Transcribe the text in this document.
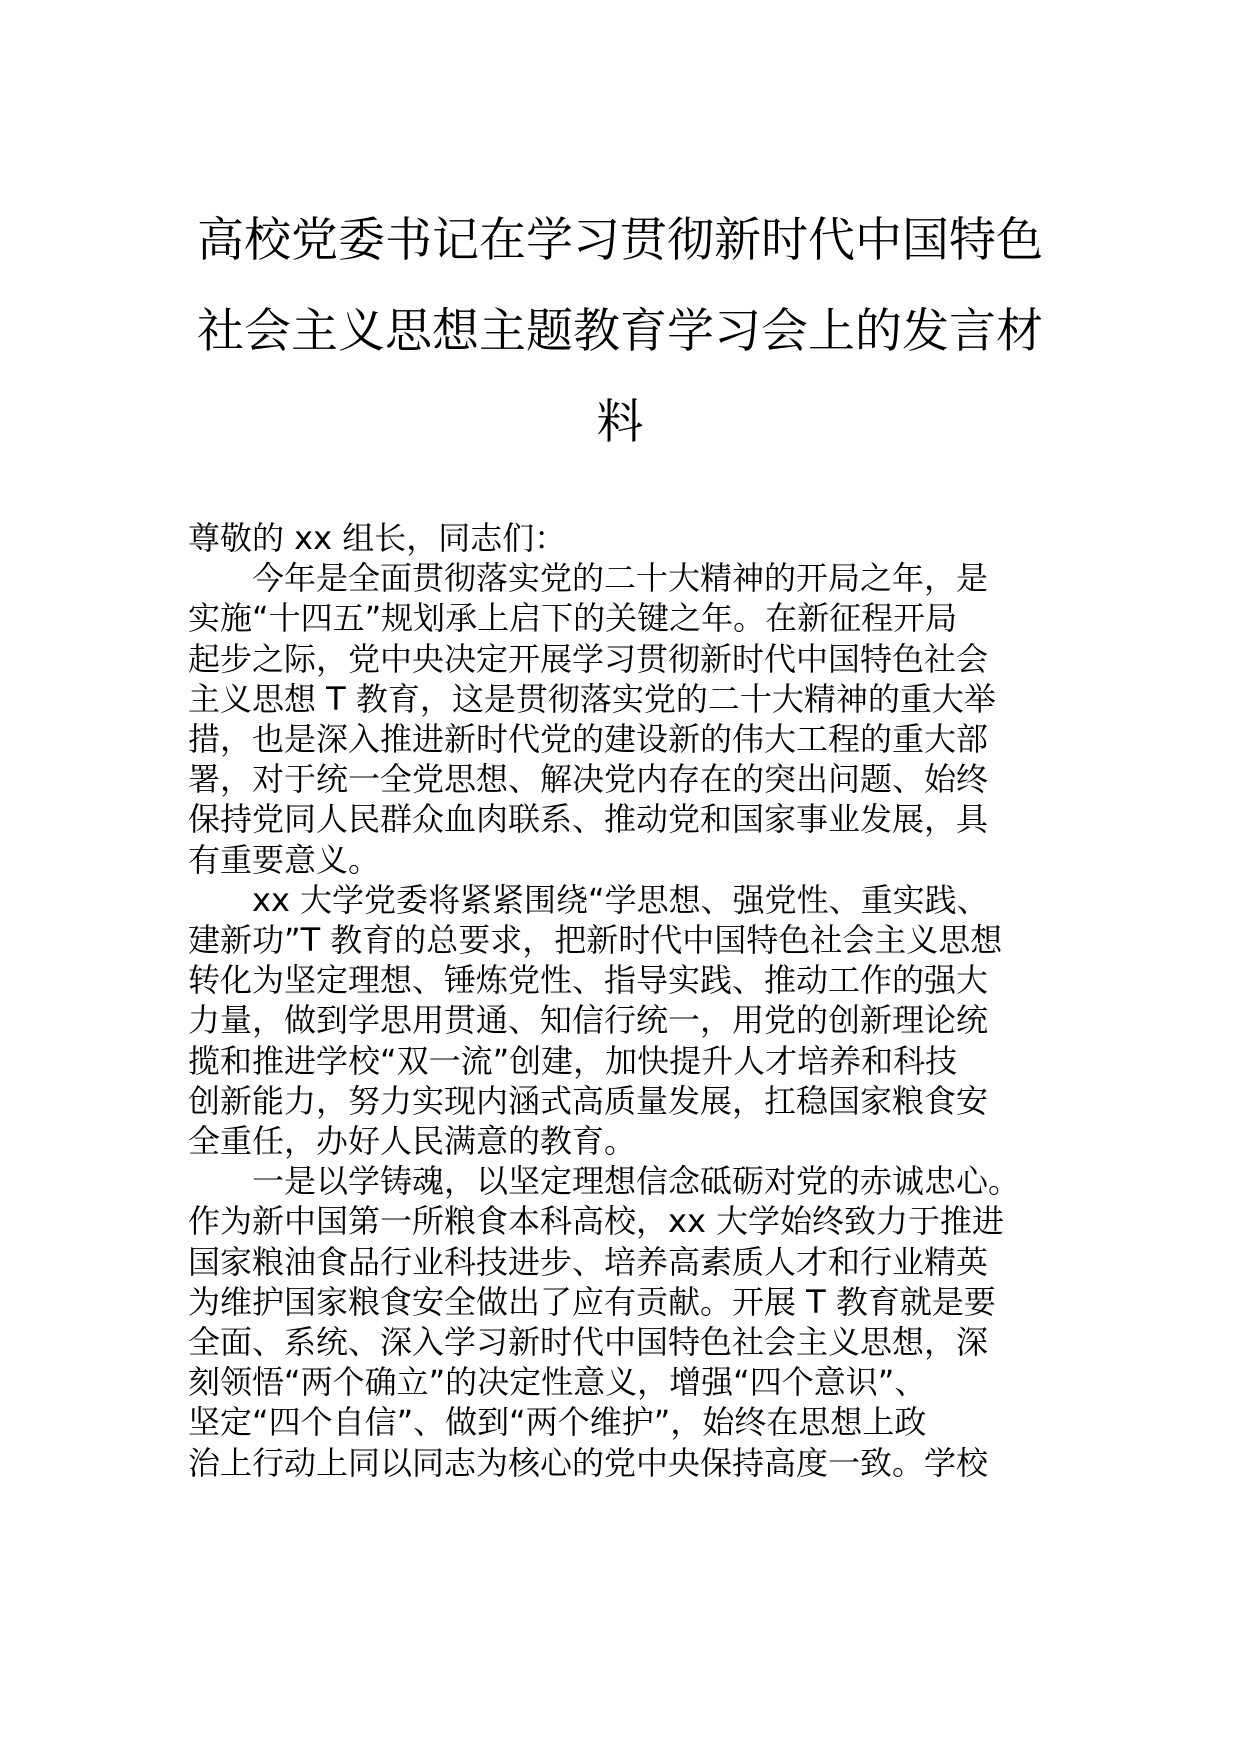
高校党委书记在学习贯彻新时代中国特色
社会主义思想主题教育学习会上的发言材
料

尊敬的 xx 组长，同志们：

今年是全面贯彻落实党的二十大精神的开局之年，是
实施“十四五”规划承上启下的关键之年。在新征程开局
起步之际，党中央决定开展学习贯彻新时代中国特色社会
主义思想 T 教育，这是贯彻落实党的二十大精神的重大举
措，也是深入推进新时代党的建设新的伟大工程的重大部
署，对于统一全党思想、解决党内存在的突出问题、始终
保持党同人民群众血肉联系、推动党和国家事业发展，具
有重要意义。

xx 大学党委将紧紧围绕“学思想、强党性、重实践、
建新功”T 教育的总要求，把新时代中国特色社会主义思想
转化为坚定理想、锤炼党性、指导实践、推动工作的强大
力量，做到学思用贯通、知信行统一，用党的创新理论统
揽和推进学校“双一流”创建，加快提升人才培养和科技
创新能力，努力实现内涵式高质量发展，扛稳国家粮食安
全重任，办好人民满意的教育。

一是以学铸魂，以坚定理想信念砥砺对党的赤诚忠心。
作为新中国第一所粮食本科高校，xx 大学始终致力于推进
国家粮油食品行业科技进步、培养高素质人才和行业精英
为维护国家粮食安全做出了应有贡献。开展 T 教育就是要
全面、系统、深入学习新时代中国特色社会主义思想，深
刻领悟“两个确立”的决定性意义，增强“四个意识”、
坚定“四个自信”、做到“两个维护”，始终在思想上政
治上行动上同以同志为核心的党中央保持高度一致。学校
